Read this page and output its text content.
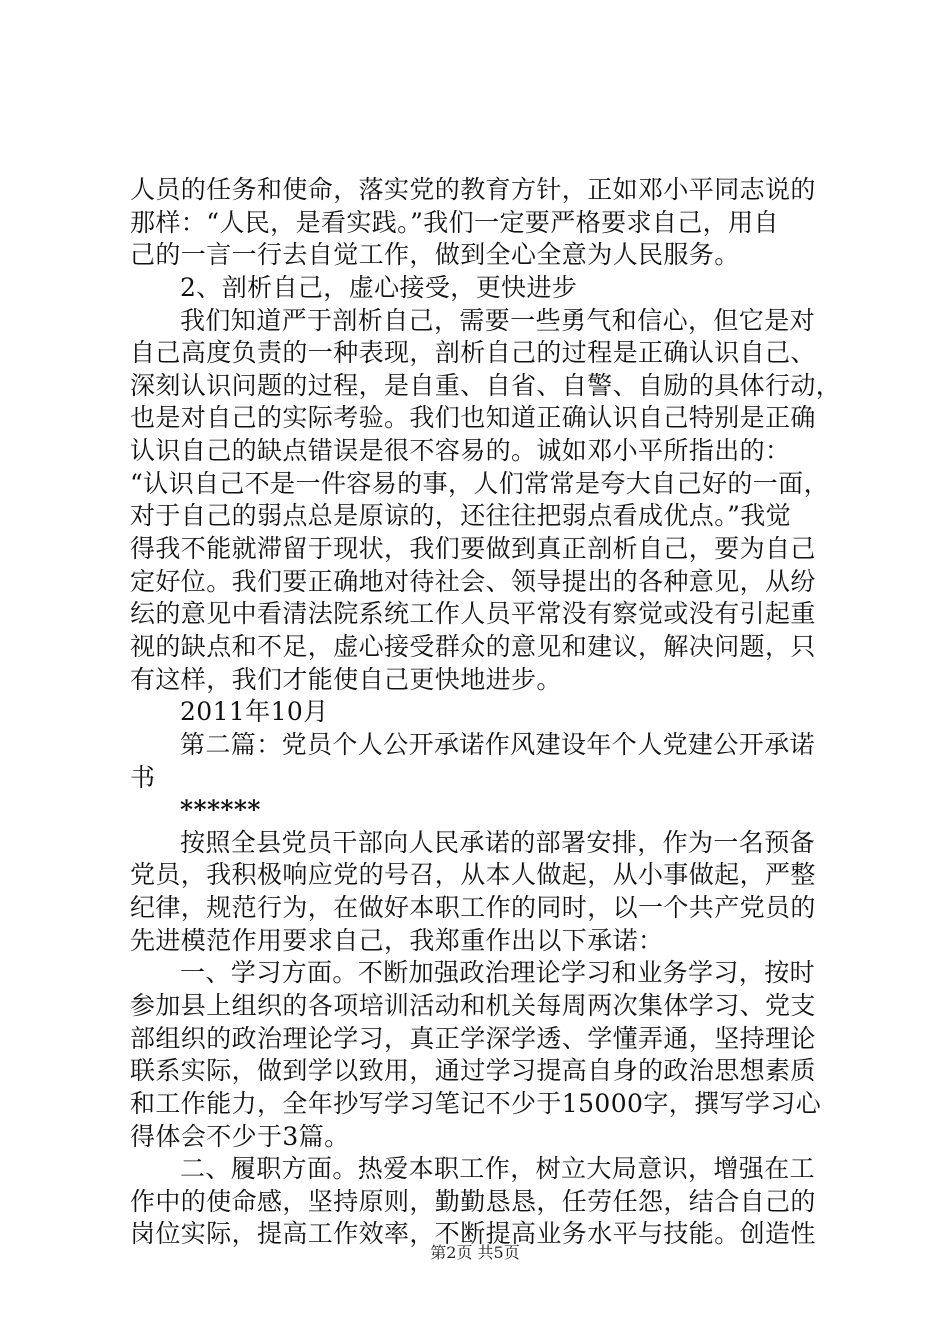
人员的任务和使命，落实党的教育方针，正如邓小平同志说的
那样：“人民，是看实践。”我们一定要严格要求自己，用自
己的一言一行去自觉工作，做到全心全意为人民服务。
2、剖析自己，虚心接受，更快进步
我们知道严于剖析自己，需要一些勇气和信心，但它是对
自己高度负责的一种表现，剖析自己的过程是正确认识自己、
深刻认识问题的过程，是自重、自省、自警、自励的具体行动，
也是对自己的实际考验。我们也知道正确认识自己特别是正确
认识自己的缺点错误是很不容易的。诚如邓小平所指出的：
“认识自己不是一件容易的事，人们常常是夸大自己好的一面，
对于自己的弱点总是原谅的，还往往把弱点看成优点。”我觉
得我不能就滞留于现状，我们要做到真正剖析自己，要为自己
定好位。我们要正确地对待社会、领导提出的各种意见，从纷
纭的意见中看清法院系统工作人员平常没有察觉或没有引起重
视的缺点和不足，虚心接受群众的意见和建议，解决问题，只
有这样，我们才能使自己更快地进步。
2011年10月
第二篇：党员个人公开承诺作风建设年个人党建公开承诺
书
******
按照全县党员干部向人民承诺的部署安排，作为一名预备
党员，我积极响应党的号召，从本人做起，从小事做起，严整
纪律，规范行为，在做好本职工作的同时，以一个共产党员的
先进模范作用要求自己，我郑重作出以下承诺：
一、学习方面。不断加强政治理论学习和业务学习，按时
参加县上组织的各项培训活动和机关每周两次集体学习、党支
部组织的政治理论学习，真正学深学透、学懂弄通，坚持理论
联系实际，做到学以致用，通过学习提高自身的政治思想素质
和工作能力，全年抄写学习笔记不少于15000字，撰写学习心
得体会不少于3篇。
二、履职方面。热爱本职工作，树立大局意识，增强在工
作中的使命感，坚持原则，勤勤恳恳，任劳任怨，结合自己的
岗位实际，提高工作效率，不断提高业务水平与技能。创造性
第2页 共5页
